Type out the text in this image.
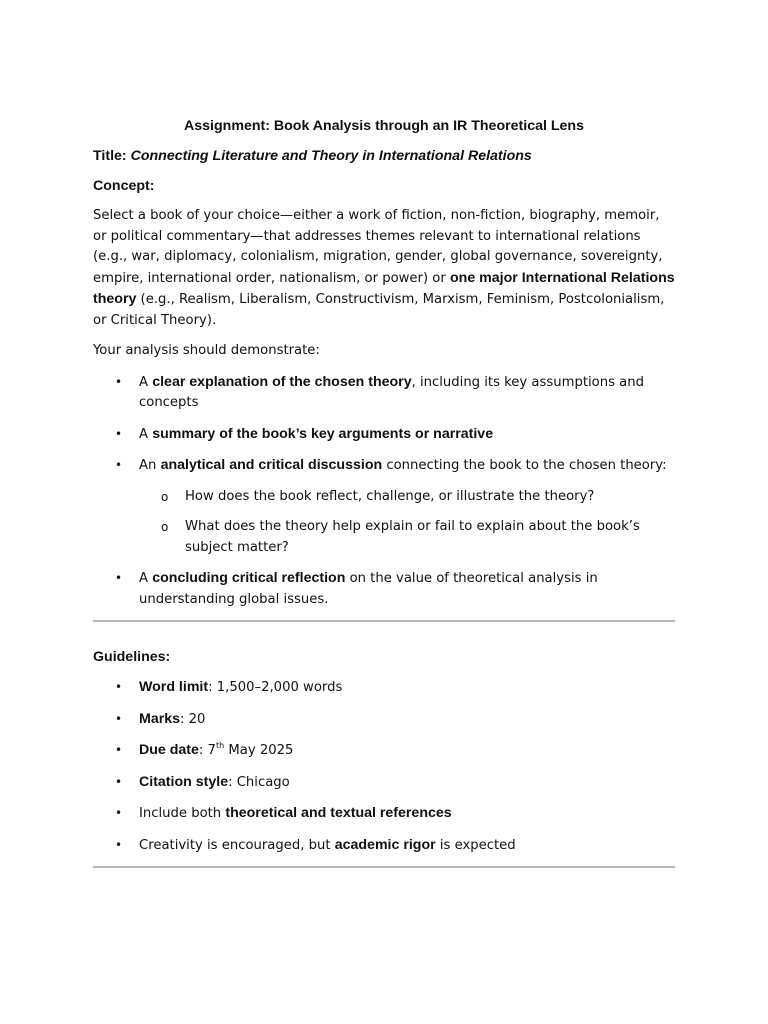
Assignment: Book Analysis through an IR Theoretical Lens
Title: Connecting Literature and Theory in International Relations
Concept:

Select a book of your choice—either a work of fiction, non-fiction, biography, memoir, or political commentary—that addresses themes relevant to international relations (e.g., war, diplomacy, colonialism, migration, gender, global governance, sovereignty, empire, international order, nationalism, or power) or one major International Relations theory (e.g., Realism, Liberalism, Constructivism, Marxism, Feminism, Postcolonialism, or Critical Theory).

Your analysis should demonstrate:

• A clear explanation of the chosen theory, including its key assumptions and concepts
• A summary of the book’s key arguments or narrative
• An analytical and critical discussion connecting the book to the chosen theory:
o How does the book reflect, challenge, or illustrate the theory?
o What does the theory help explain or fail to explain about the book’s subject matter?
• A concluding critical reflection on the value of theoretical analysis in understanding global issues.
Guidelines:
• Word limit: 1,500–2,000 words
• Marks: 20
• Due date: 7th May 2025
• Citation style: Chicago
• Include both theoretical and textual references
• Creativity is encouraged, but academic rigor is expected
